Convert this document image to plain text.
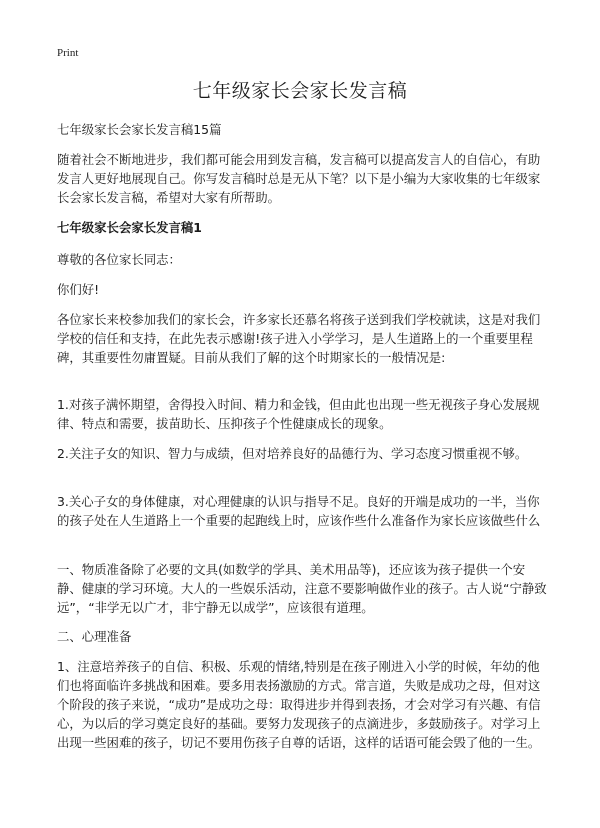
Print
七年级家长会家长发言稿
七年级家长会家长发言稿15篇
随着社会不断地进步，我们都可能会用到发言稿，发言稿可以提高发言人的自信心，有助发言人更好地展现自己。你写发言稿时总是无从下笔？以下是小编为大家收集的七年级家长会家长发言稿，希望对大家有所帮助。
七年级家长会家长发言稿1
尊敬的各位家长同志：
你们好!
各位家长来校参加我们的家长会，许多家长还慕名将孩子送到我们学校就读，这是对我们学校的信任和支持，在此先表示感谢!孩子进入小学学习，是人生道路上的一个重要里程碑，其重要性勿庸置疑。目前从我们了解的这个时期家长的一般情况是:
1.对孩子满怀期望，舍得投入时间、精力和金钱，但由此也出现一些无视孩子身心发展规律、特点和需要，拔苗助长、压抑孩子个性健康成长的现象。
2.关注子女的知识、智力与成绩，但对培养良好的品德行为、学习态度习惯重视不够。
3.关心子女的身体健康，对心理健康的认识与指导不足。良好的开端是成功的一半，当你的孩子处在人生道路上一个重要的起跑线上时，应该作些什么准备作为家长应该做些什么
一、物质准备除了必要的文具(如数学的学具、美术用品等)，还应该为孩子提供一个安静、健康的学习环境。大人的一些娱乐活动，注意不要影响做作业的孩子。古人说“宁静致远”，“非学无以广才，非宁静无以成学”，应该很有道理。
二、心理准备
1、注意培养孩子的自信、积极、乐观的情绪,特别是在孩子刚进入小学的时候，年幼的他们也将面临许多挑战和困难。要多用表扬激励的方式。常言道，失败是成功之母，但对这个阶段的孩子来说，“成功”是成功之母：取得进步并得到表扬，才会对学习有兴趣、有信心，为以后的学习奠定良好的基础。要努力发现孩子的点滴进步，多鼓励孩子。对学习上出现一些困难的孩子，切记不要用伤孩子自尊的话语，这样的话语可能会毁了他的一生。
